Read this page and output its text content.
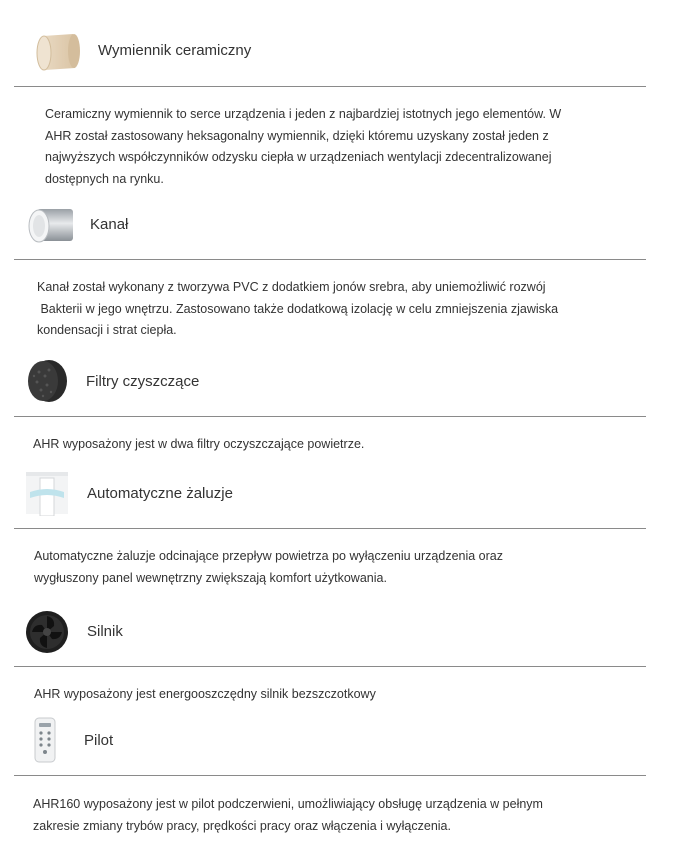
Wymiennik ceramiczny
Ceramiczny wymiennik to serce urządzenia i jeden z najbardziej istotnych jego elementów. W
AHR został zastosowany heksagonalny wymiennik, dzięki któremu uzyskany został jeden z
najwyższych współczynników odzysku ciepła w urządzeniach wentylacji zdecentralizowanej
dostępnych na rynku.
Kanał
Kanał został wykonany z tworzywa PVC z dodatkiem jonów srebra, aby uniemożliwić rozwój
Bakterii w jego wnętrzu. Zastosowano także dodatkową izolację w celu zmniejszenia zjawiska
kondensacji i strat ciepła.
Filtry czyszczące
AHR wyposażony jest w dwa filtry oczyszczające powietrze.
Automatyczne żaluzje
Automatyczne żaluzje odcinające przepływ powietrza po wyłączeniu urządzenia oraz
wygłuszony panel wewnętrzny zwiększają komfort użytkowania.
Silnik
AHR wyposażony jest energooszczędny silnik bezszczotkowy
Pilot
AHR160 wyposażony jest w pilot podczerwieni, umożliwiający obsługę urządzenia w pełnym
zakresie zmiany trybów pracy, prędkości pracy oraz włączenia i wyłączenia.
